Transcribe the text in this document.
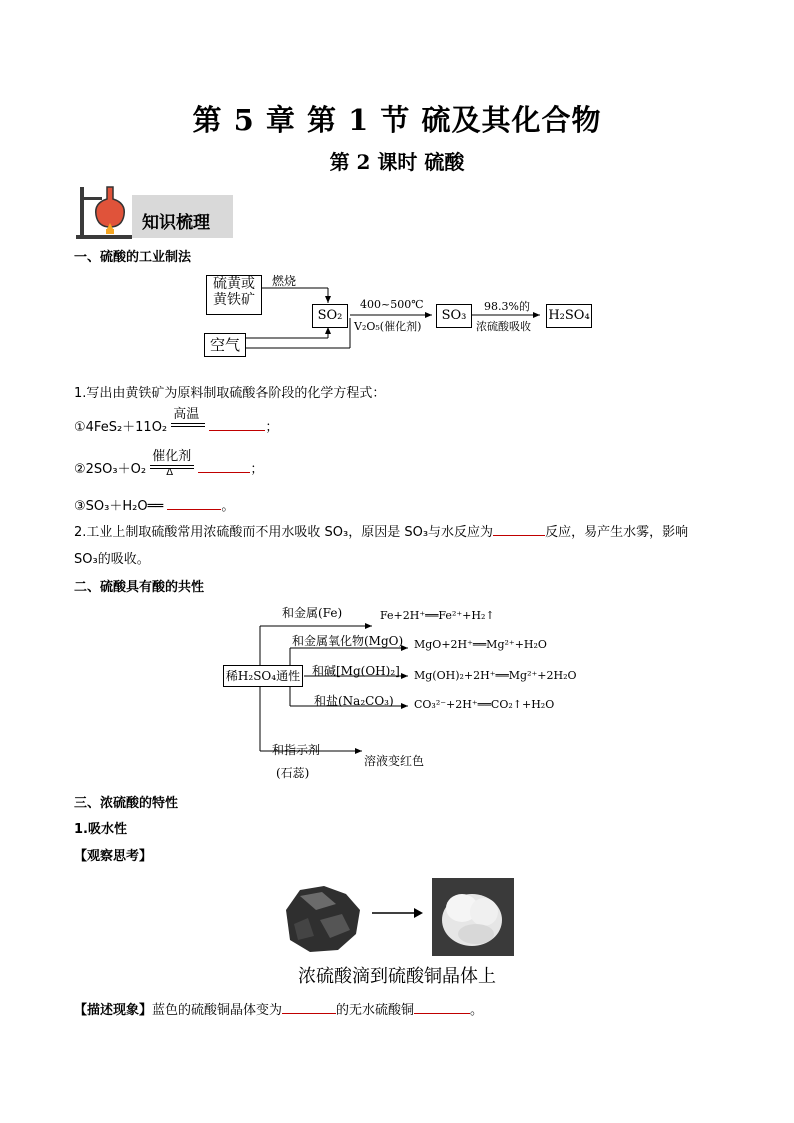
第 5 章 第 1 节 硫及其化合物
第 2 课时 硫酸
知识梳理
一、硫酸的工业制法
硫黄或
黄铁矿
燃烧
空气
SO₂
400~500℃
V₂O₅(催化剂)
SO₃
98.3%的
浓硫酸吸收
H₂SO₄
1.写出由黄铁矿为原料制取硫酸各阶段的化学方程式：
①4FeS₂＋11O₂
高温
；
②2SO₃＋O₂
催化剂
Δ	；
③SO₃＋H₂O══	。
2.工业上制取硫酸常用浓硫酸而不用水吸收 SO₃，原因是 SO₃与水反应为	反应，易产生水雾，影响
SO₃的吸收。
二、硫酸具有酸的共性
稀H₂SO₄通性
和金属(Fe)	Fe+2H⁺══Fe²⁺+H₂↑
和金属氧化物(MgO) MgO+2H⁺══Mg²⁺+H₂O
和碱[Mg(OH)₂] Mg(OH)₂+2H⁺══Mg²⁺+2H₂O
和盐(Na₂CO₃) CO₃²⁻+2H⁺══CO₂↑+H₂O
和指示剂
(石蕊)
溶液变红色
三、浓硫酸的特性
1.吸水性
【观察思考】
浓硫酸滴到硫酸铜晶体上
【描述现象】蓝色的硫酸铜晶体变为	的无水硫酸铜	。
